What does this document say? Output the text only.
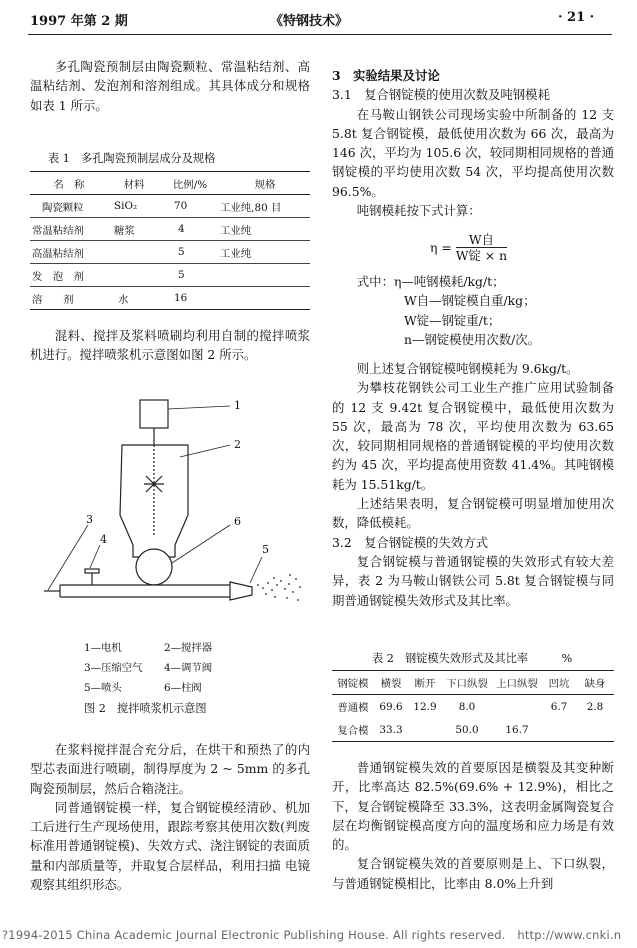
1997 年第 2 期	《特钢技术》	· 21 ·

多孔陶瓷预制层由陶瓷颗粒、常温粘结剂、高温粘结剂、发泡剂和溶剂组成。其具体成分和规格如表 1 所示。

表 1　多孔陶瓷预制层成分及规格
名　称	材料	比例/%	规格
陶瓷颗粒	SiO₂	70	工业纯,80 目
常温粘结剂	糖浆	4	工业纯
高温粘结剂		5	工业纯
发　泡　剂		5	
溶　　剂	水	16	

混料、搅拌及浆料喷刷均利用自制的搅拌喷浆机进行。搅拌喷浆机示意图如图 2 所示。

1
2
3
4
5
6
1—电机	2—搅拌器
3—压缩空气 4—调节阀
5—喷头	6—柱阀
图 2　搅拌喷浆机示意图

在浆料搅拌混合充分后，在烘干和预热了的内型芯表面进行喷刷，制得厚度为 2 ~ 5mm 的多孔陶瓷预制层，然后合箱浇注。

同普通钢锭模一样，复合钢锭模经清砂、机加工后进行生产现场使用，跟踪考察其使用次数(判废标准用普通钢锭模)、失效方式、浇注钢锭的表面质量和内部质量等，并取复合层样品，利用扫描 电镜观察其组织形态。

3　实验结果及讨论

3.1　复合钢锭模的使用次数及吨钢模耗

在马鞍山钢铁公司现场实验中所制备的 12 支 5.8t 复合钢锭模，最低使用次数为 66 次，最高为 146 次，平均为 105.6 次，较同期相同规格的普通钢锭模的平均使用次数 54 次，平均提高使用次数 96.5%。

吨钢模耗按下式计算：

$\eta = \frac{\text{W自}}{\text{W锭 × n}}$

式中：η—吨钢模耗/kg/t；

W自—钢锭模自重/kg；

W锭—钢锭重/t；

n—钢锭模使用次数/次。

则上述复合钢锭模吨钢模耗为 9.6kg/t。

为攀枝花钢铁公司工业生产推广应用试验制备的 12 支 9.42t 复合钢锭模中，最低使用次数为 55 次，最高为 78 次，平均使用次数为 63.65 次，较同期相同规格的普通钢锭模的平均使用次数约为 45 次，平均提高使用资数 41.4%。其吨钢模耗为 15.51kg/t。

上述结果表明，复合钢锭模可明显增加使用次数，降低模耗。

3.2　复合钢锭模的失效方式

复合钢锭模与普通钢锭模的失效形式有较大差异，表 2 为马鞍山钢铁公司 5.8t 复合钢锭模与同期普通钢锭模失效形式及其比率。

表 2　钢锭模失效形式及其比率　　　%
钢锭模	横裂	断开	下口纵裂	上口纵裂	凹坑	缺身
普通模	69.6	12.9	8.0		6.7	2.8
复合模	33.3		50.0	16.7		

普通钢锭模失效的首要原因是横裂及其变种断开，比率高达 82.5%(69.6% + 12.9%)，相比之下，复合钢锭模降至 33.3%，这表明金属陶瓷复合层在均衡钢锭模高度方向的温度场和应力场是有效的。

复合钢锭模失效的首要原则是上、下口纵裂，与普通钢锭模相比，比率由 8.0%上升到

?1994-2015 China Academic Journal Electronic Publishing House. All rights reserved.　http://www.cnki.n
